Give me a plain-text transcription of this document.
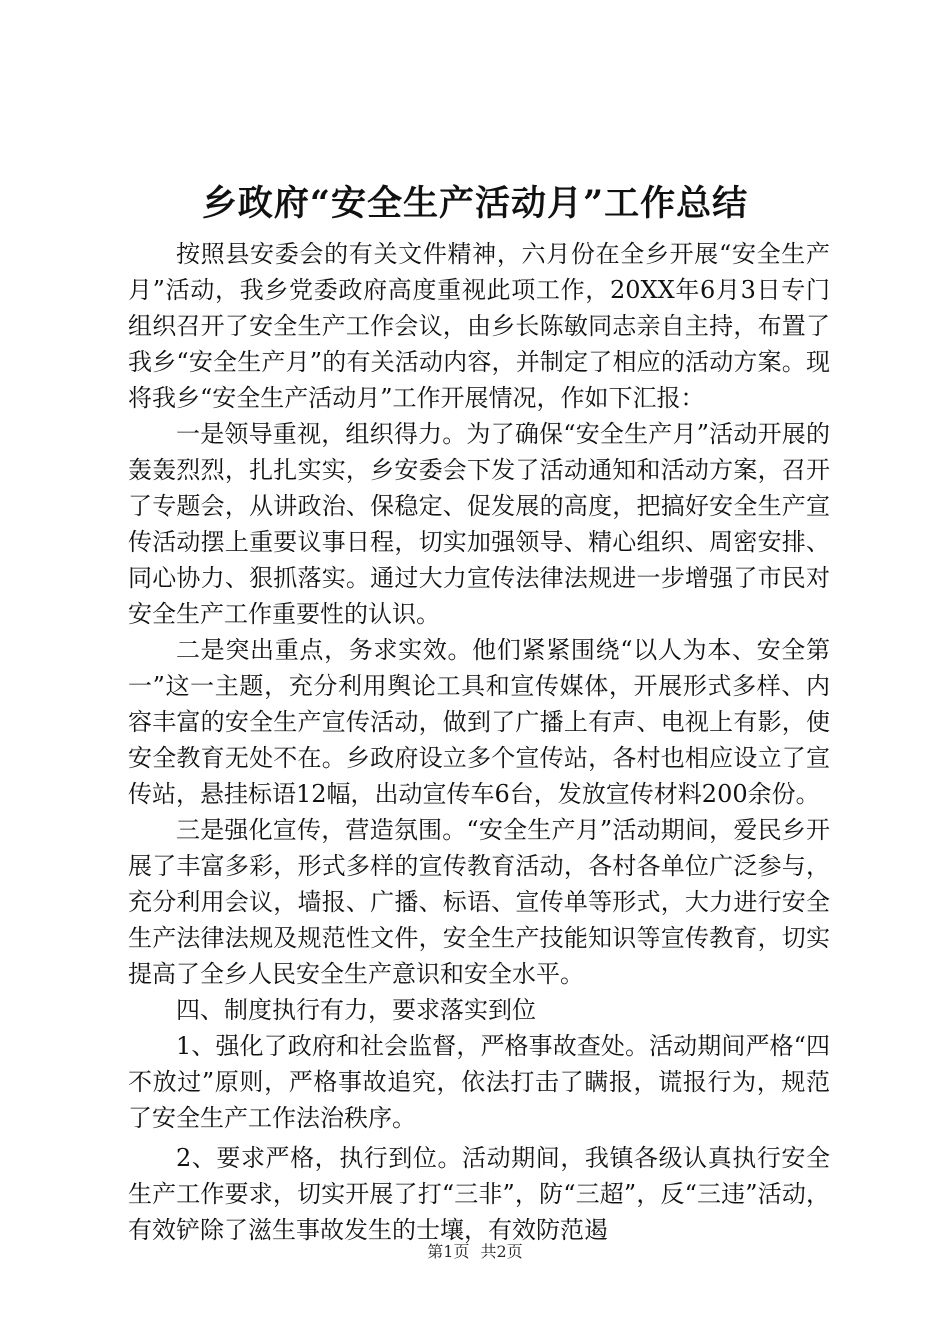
乡政府“安全生产活动月”工作总结

按照县安委会的有关文件精神，六月份在全乡开展“安全生产月”活动，我乡党委政府高度重视此项工作，20XX年6月3日专门组织召开了安全生产工作会议，由乡长陈敏同志亲自主持，布置了我乡“安全生产月”的有关活动内容，并制定了相应的活动方案。现将我乡“安全生产活动月”工作开展情况，作如下汇报：

一是领导重视，组织得力。为了确保“安全生产月”活动开展的轰轰烈烈，扎扎实实，乡安委会下发了活动通知和活动方案，召开了专题会，从讲政治、保稳定、促发展的高度，把搞好安全生产宣传活动摆上重要议事日程，切实加强领导、精心组织、周密安排、同心协力、狠抓落实。通过大力宣传法律法规进一步增强了市民对安全生产工作重要性的认识。

二是突出重点，务求实效。他们紧紧围绕“以人为本、安全第一”这一主题，充分利用舆论工具和宣传媒体，开展形式多样、内容丰富的安全生产宣传活动，做到了广播上有声、电视上有影，使安全教育无处不在。乡政府设立多个宣传站，各村也相应设立了宣传站，悬挂标语12幅，出动宣传车6台，发放宣传材料200余份。

三是强化宣传，营造氛围。“安全生产月”活动期间，爱民乡开展了丰富多彩，形式多样的宣传教育活动，各村各单位广泛参与，充分利用会议，墙报、广播、标语、宣传单等形式，大力进行安全生产法律法规及规范性文件，安全生产技能知识等宣传教育，切实提高了全乡人民安全生产意识和安全水平。

四、制度执行有力，要求落实到位

1、强化了政府和社会监督，严格事故查处。活动期间严格“四不放过”原则，严格事故追究，依法打击了瞒报，谎报行为，规范了安全生产工作法治秩序。

2、要求严格，执行到位。活动期间，我镇各级认真执行安全生产工作要求，切实开展了打“三非”，防“三超”，反“三违”活动，有效铲除了滋生事故发生的士壤，有效防范遏

第1页 共2页
